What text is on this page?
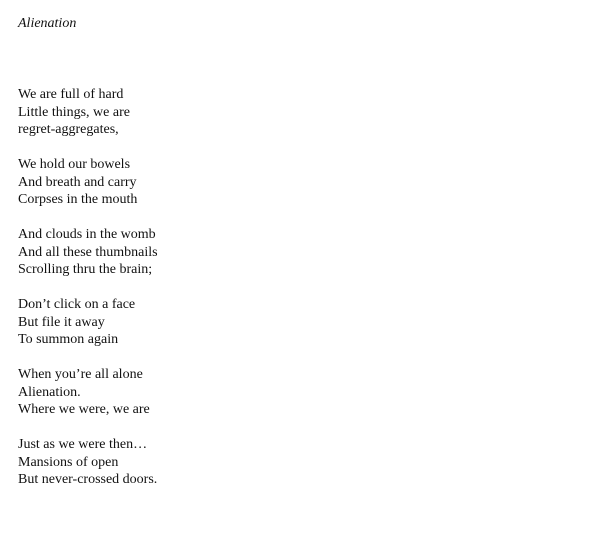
Alienation
We are full of hard
Little things, we are
regret-aggregates,
We hold our bowels
And breath and carry
Corpses in the mouth
And clouds in the womb
And all these thumbnails
Scrolling thru the brain;
Don’t click on a face
But file it away
To summon again
When you’re all alone
Alienation.
Where we were, we are
Just as we were then…
Mansions of open
But never-crossed doors.
